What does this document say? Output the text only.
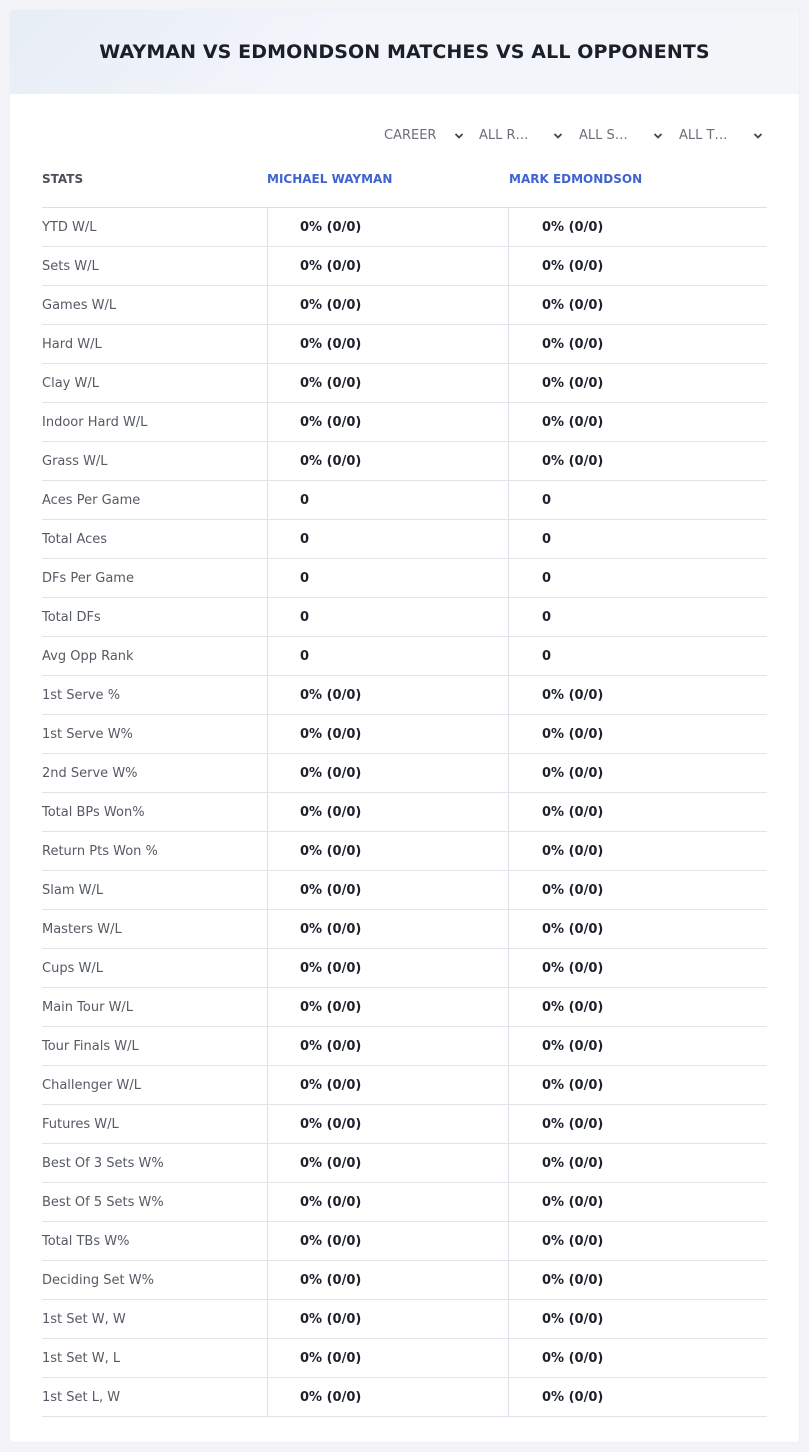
WAYMAN VS EDMONDSON MATCHES VS ALL OPPONENTS
CAREER	ALL R…	ALL S…	ALL T…
STATS	MICHAEL WAYMAN	MARK EDMONDSON
YTD W/L	0% (0/0)	0% (0/0)
Sets W/L	0% (0/0)	0% (0/0)
Games W/L	0% (0/0)	0% (0/0)
Hard W/L	0% (0/0)	0% (0/0)
Clay W/L	0% (0/0)	0% (0/0)
Indoor Hard W/L	0% (0/0)	0% (0/0)
Grass W/L	0% (0/0)	0% (0/0)
Aces Per Game	0	0
Total Aces	0	0
DFs Per Game	0	0
Total DFs	0	0
Avg Opp Rank	0	0
1st Serve %	0% (0/0)	0% (0/0)
1st Serve W%	0% (0/0)	0% (0/0)
2nd Serve W%	0% (0/0)	0% (0/0)
Total BPs Won%	0% (0/0)	0% (0/0)
Return Pts Won %	0% (0/0)	0% (0/0)
Slam W/L	0% (0/0)	0% (0/0)
Masters W/L	0% (0/0)	0% (0/0)
Cups W/L	0% (0/0)	0% (0/0)
Main Tour W/L	0% (0/0)	0% (0/0)
Tour Finals W/L	0% (0/0)	0% (0/0)
Challenger W/L	0% (0/0)	0% (0/0)
Futures W/L	0% (0/0)	0% (0/0)
Best Of 3 Sets W%	0% (0/0)	0% (0/0)
Best Of 5 Sets W%	0% (0/0)	0% (0/0)
Total TBs W%	0% (0/0)	0% (0/0)
Deciding Set W%	0% (0/0)	0% (0/0)
1st Set W, W	0% (0/0)	0% (0/0)
1st Set W, L	0% (0/0)	0% (0/0)
1st Set L, W	0% (0/0)	0% (0/0)
